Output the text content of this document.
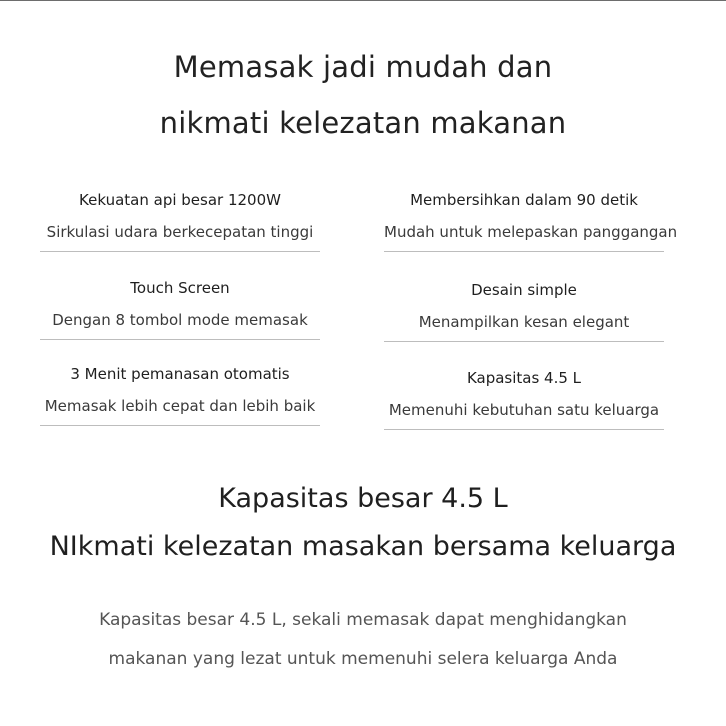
Memasak jadi mudah dan
nikmati kelezatan makanan
Kekuatan api besar 1200W
Sirkulasi udara berkecepatan tinggi
Membersihkan dalam 90 detik
Mudah untuk melepaskan panggangan
Touch Screen
Dengan 8 tombol mode memasak
Desain simple
Menampilkan kesan elegant
3 Menit pemanasan otomatis
Memasak lebih cepat dan lebih baik
Kapasitas 4.5 L
Memenuhi kebutuhan satu keluarga
Kapasitas besar 4.5 L
NIkmati kelezatan masakan bersama keluarga
Kapasitas besar 4.5 L, sekali memasak dapat menghidangkan
makanan yang lezat untuk memenuhi selera keluarga Anda
